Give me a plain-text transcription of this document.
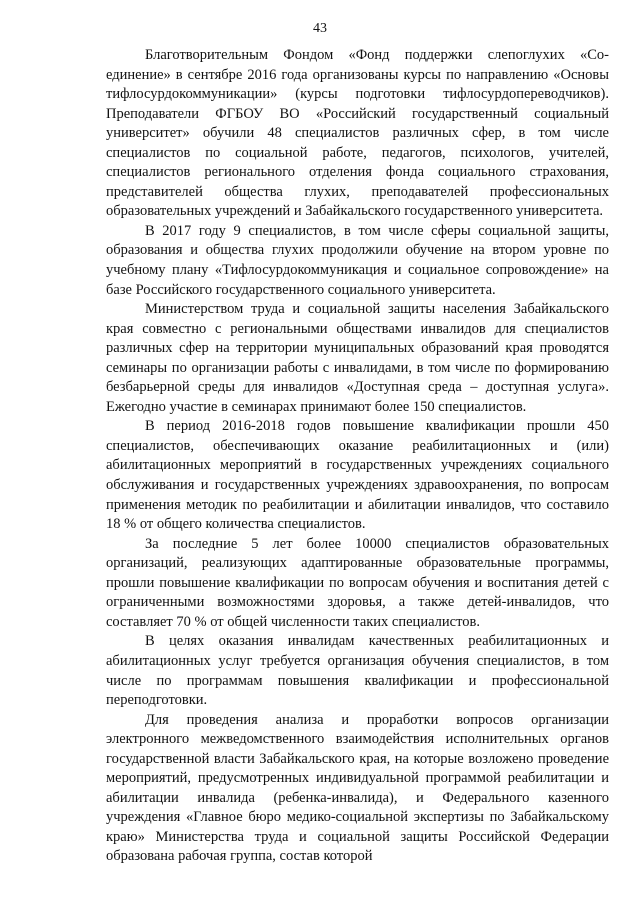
43

Благотворительным Фондом «Фонд поддержки слепоглухих «Со-единение» в сентябре 2016 года организованы курсы по направлению «Основы тифлосурдокоммуникации» (курсы подготовки тифлосурдопереводчиков). Преподаватели ФГБОУ ВО «Российский государственный социальный университет» обучили 48 специалистов различных сфер, в том числе специалистов по социальной работе, педагогов, психологов, учителей, специалистов регионального отделения фонда социального страхования, представителей общества глухих, преподавателей профессиональных образовательных учреждений и Забайкальского государственного университета.

В 2017 году 9 специалистов, в том числе сферы социальной защиты, образования и общества глухих продолжили обучение на втором уровне по учебному плану «Тифлосурдокоммуникация и социальное сопровождение» на базе Российского государственного социального университета.

Министерством труда и социальной защиты населения Забайкальского края совместно с региональными обществами инвалидов для специалистов различных сфер на территории муниципальных образований края проводятся семинары по организации работы с инвалидами, в том числе по формированию безбарьерной среды для инвалидов «Доступная среда – доступная услуга». Ежегодно участие в семинарах принимают более 150 специалистов.

В период 2016-2018 годов повышение квалификации прошли 450 специалистов, обеспечивающих оказание реабилитационных и (или) абилитационных мероприятий в государственных учреждениях социального обслуживания и государственных учреждениях здравоохранения, по вопросам применения методик по реабилитации и абилитации инвалидов, что составило 18 % от общего количества специалистов.

За последние 5 лет более 10000 специалистов образовательных организаций, реализующих адаптированные образовательные программы, прошли повышение квалификации по вопросам обучения и воспитания детей с ограниченными возможностями здоровья, а также детей-инвалидов, что составляет 70 % от общей численности таких специалистов.

В целях оказания инвалидам качественных реабилитационных и абилитационных услуг требуется организация обучения специалистов, в том числе по программам повышения квалификации и профессиональной переподготовки.

Для проведения анализа и проработки вопросов организации электронного межведомственного взаимодействия исполнительных органов государственной власти Забайкальского края, на которые возложено проведение мероприятий, предусмотренных индивидуальной программой реабилитации и абилитации инвалида (ребенка-инвалида), и Федерального казенного учреждения «Главное бюро медико-социальной экспертизы по Забайкальскому краю» Министерства труда и социальной защиты Российской Федерации образована рабочая группа, состав которой
